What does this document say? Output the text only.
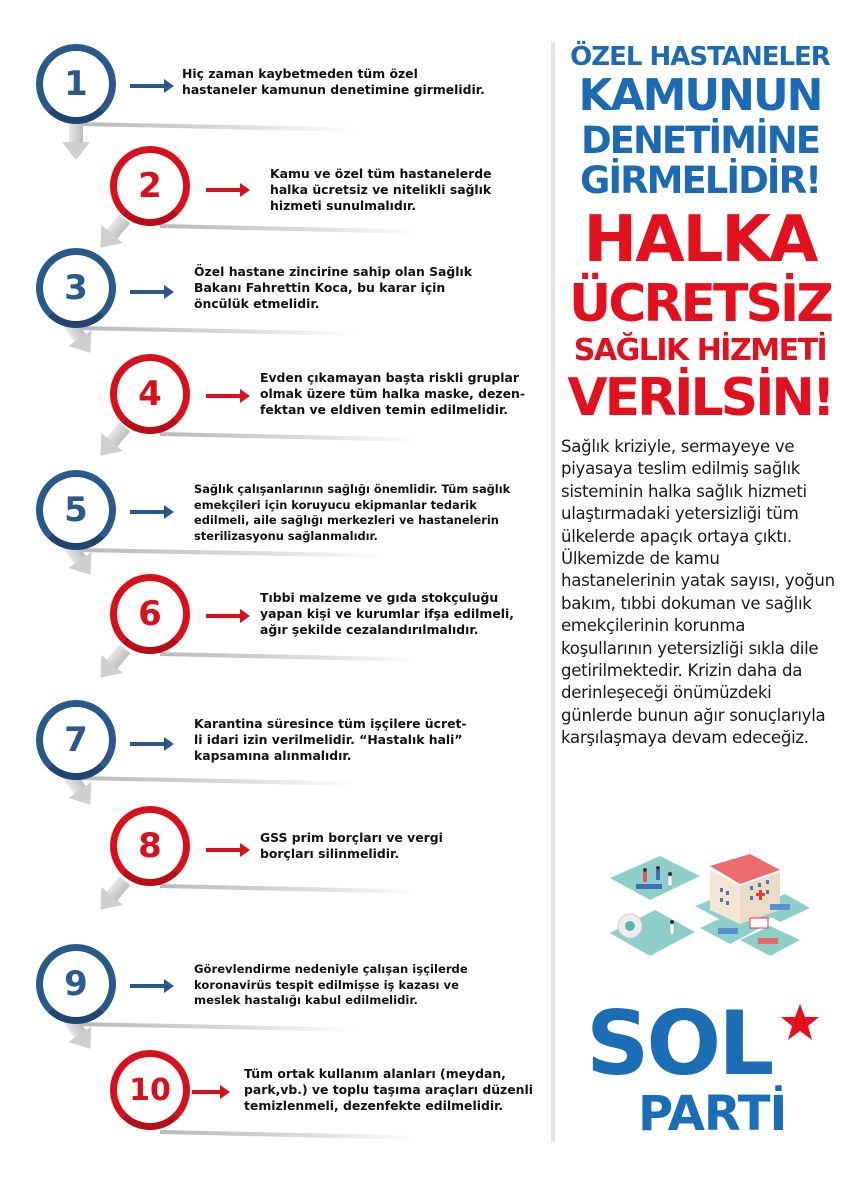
1	Hiç zaman kaybetmeden tüm özel
hastaneler kamunun denetimine girmelidir.
2	Kamu ve özel tüm hastanelerde
halka ücretsiz ve nitelikli sağlık
hizmeti sunulmalıdır.
3	Özel hastane zincirine sahip olan Sağlık
Bakanı Fahrettin Koca, bu karar için
öncülük etmelidir.
4	Evden çıkamayan başta riskli gruplar
olmak üzere tüm halka maske, dezen-
fektan ve eldiven temin edilmelidir.
5
Sağlık çalışanlarının sağlığı önemlidir. Tüm sağlık
emekçileri için koruyucu ekipmanlar tedarik
edilmeli, aile sağlığı merkezleri ve hastanelerin
sterilizasyonu sağlanmalıdır.
6	Tıbbi malzeme ve gıda stokçuluğu
yapan kişi ve kurumlar ifşa edilmeli,
ağır şekilde cezalandırılmalıdır.
7	Karantina süresince tüm işçilere ücret-
li idari izin verilmelidir. “Hastalık hali”
kapsamına alınmalıdır.
8	GSS prim borçları ve vergi
borçları silinmelidir.
9	Görevlendirme nedeniyle çalışan işçilerde
koronavirüs tespit edilmişse iş kazası ve
meslek hastalığı kabul edilmelidir.
10	Tüm ortak kullanım alanları (meydan,
park,vb.) ve toplu taşıma araçları düzenli
temizlenmeli, dezenfekte edilmelidir.
ÖZEL HASTANELER
KAMUNUN
DENETİMİNE
GİRMELİDİR!
HALKA
ÜCRETSİZ
SAĞLIK HİZMETİ
VERİLSİN!

Sağlık kriziyle, sermayeye ve piyasaya teslim edilmiş sağlık sisteminin halka sağlık hizmeti ulaştırmadaki yetersizliği tüm ülkelerde apaçık ortaya çıktı. Ülkemizde de kamu hastanelerinin yatak sayısı, yoğun bakım, tıbbi dokuman ve sağlık emekçilerinin korunma koşullarının yetersizliği sıkla dile getirilmektedir. Krizin daha da derinleşeceği önümüzdeki günlerde bunun ağır sonuçlarıyla karşılaşmaya devam edeceğiz.

SOL
PARTİ
